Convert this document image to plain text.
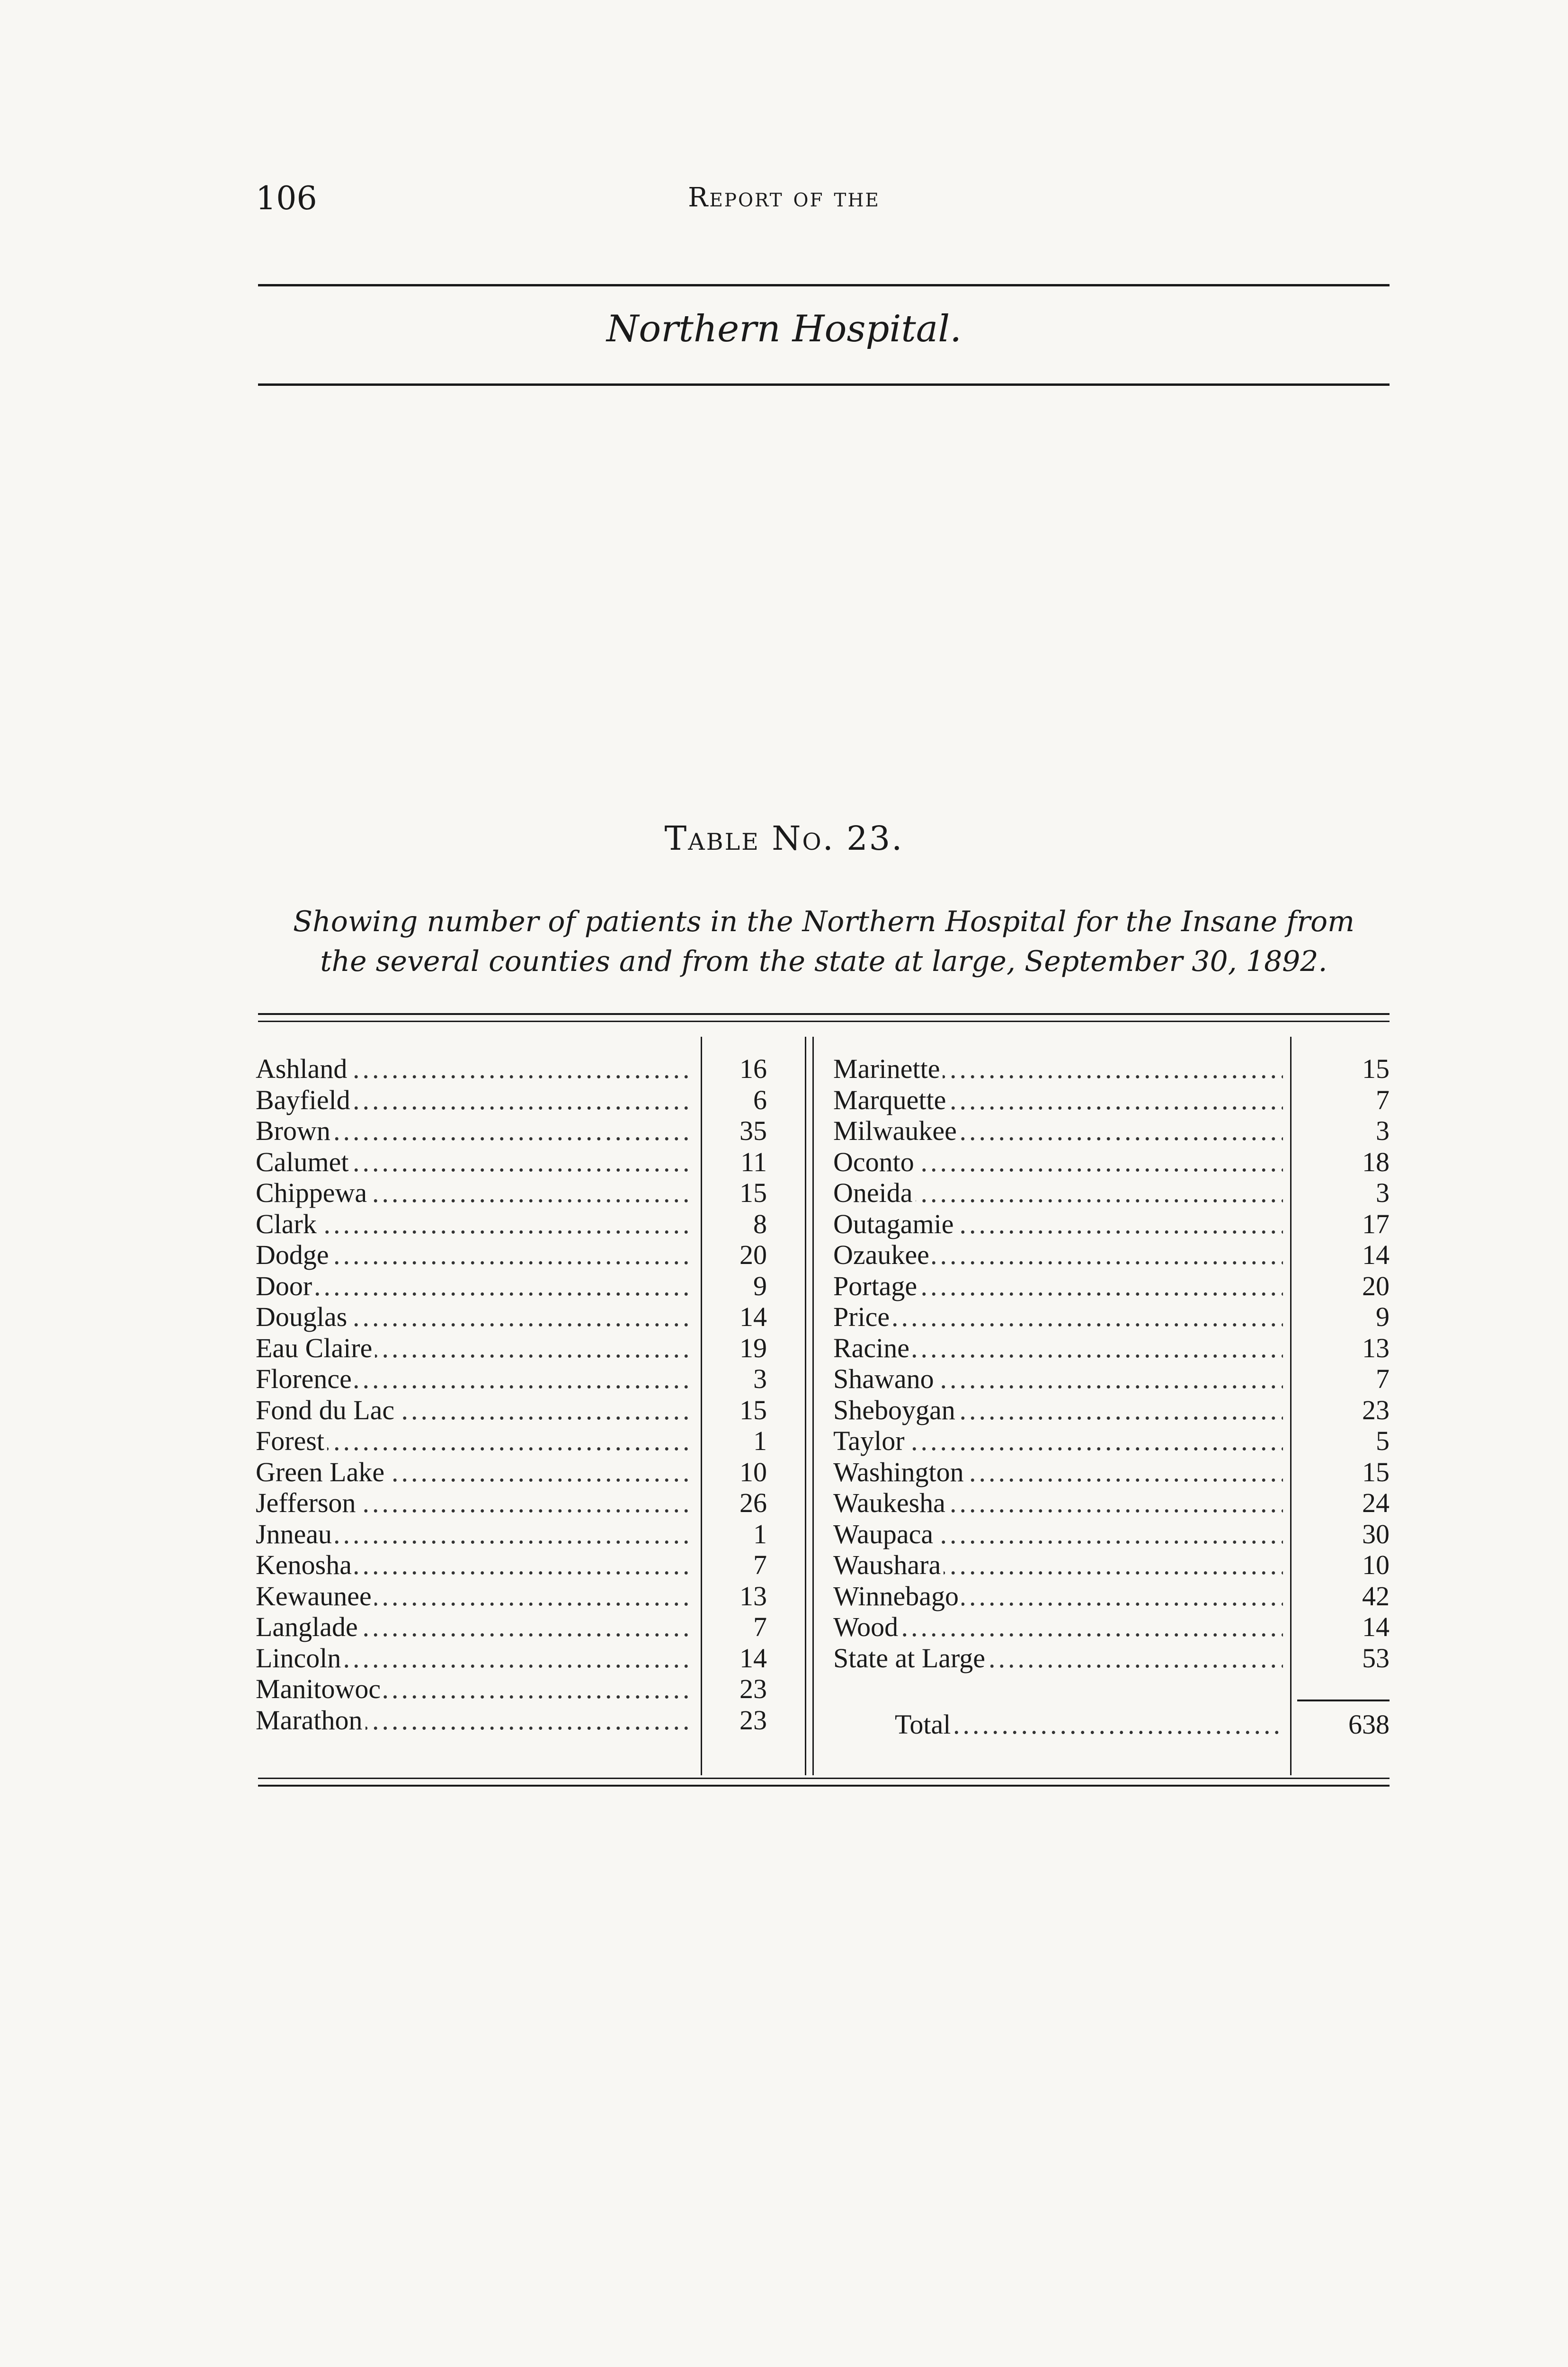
106	Report of the
Northern Hospital.
Table No. 23.
Showing number of patients in the Northern Hospital for the Insane from
the several counties and from the state at large, September 30, 1892.
Ashland .....	16
Bayfield .....	6
Brown .....	35
Calumet .....	11
Chippewa .....	15
Clark .....	8
Dodge .....	20
Door .....	9
Douglas .....	14
Eau Claire .....	19
Florence .....	3
Fond du Lac .....	15
Forest .....	1
Green Lake .....	10
Jefferson .....	26
Jnneau .....	1
Kenosha .....	7
Kewaunee .....	13
Langlade .....	7
Lincoln .....	14
Manitowoc .....	23
Marathon .....	23
Marinette .....	15
Marquette .....	7
Milwaukee .....	3
Oconto .....	18
Oneida .....	3
Outagamie .....	17
Ozaukee .....	14
Portage .....	20
Price .....	9
Racine .....	13
Shawano .....	7
Sheboygan .....	23
Taylor .....	5
Washington .....	15
Waukesha .....	24
Waupaca .....	30
Waushara .....	10
Winnebago .....	42
Wood .....	14
State at Large .....	53
Total .....	638
